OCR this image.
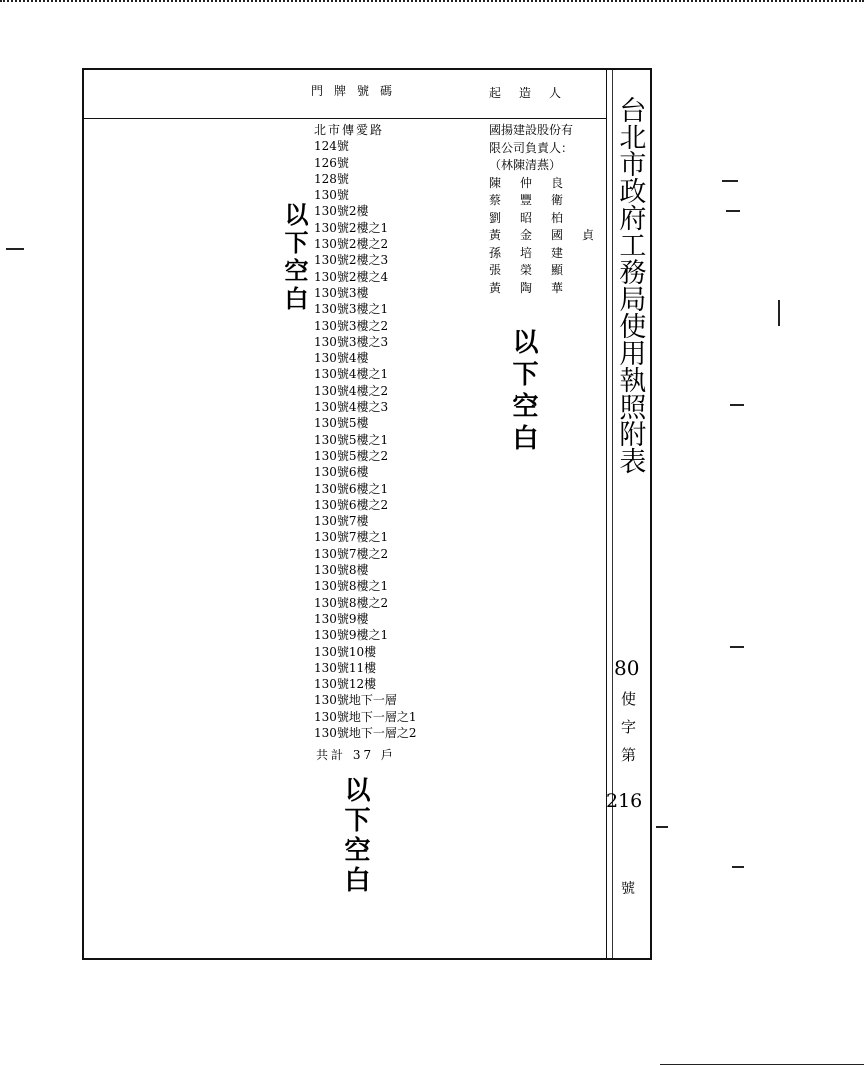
門牌號碼	起造人
北市傳愛路
124號
126號
128號
130號
130號2樓
130號2樓之1
130號2樓之2
130號2樓之3
130號2樓之4
130號3樓
130號3樓之1
130號3樓之2
130號3樓之3
130號4樓
130號4樓之1
130號4樓之2
130號4樓之3
130號5樓
130號5樓之1
130號5樓之2
130號6樓
130號6樓之1
130號6樓之2
130號7樓
130號7樓之1
130號7樓之2
130號8樓
130號8樓之1
130號8樓之2
130號9樓
130號9樓之1
130號10樓
130號11樓
130號12樓
130號地下一層
130號地下一層之1
130號地下一層之2
共計 37 戶
國揚建設股份有
限公司負責人：
（林陳清燕）
陳仲良
蔡豐衛
劉昭柏
黃金國貞
孫培建
張榮顯
黃陶華
以下空白
以下空白
以下空白
台北市政府工務局使用執照附表
80
使
字
第
216
號
